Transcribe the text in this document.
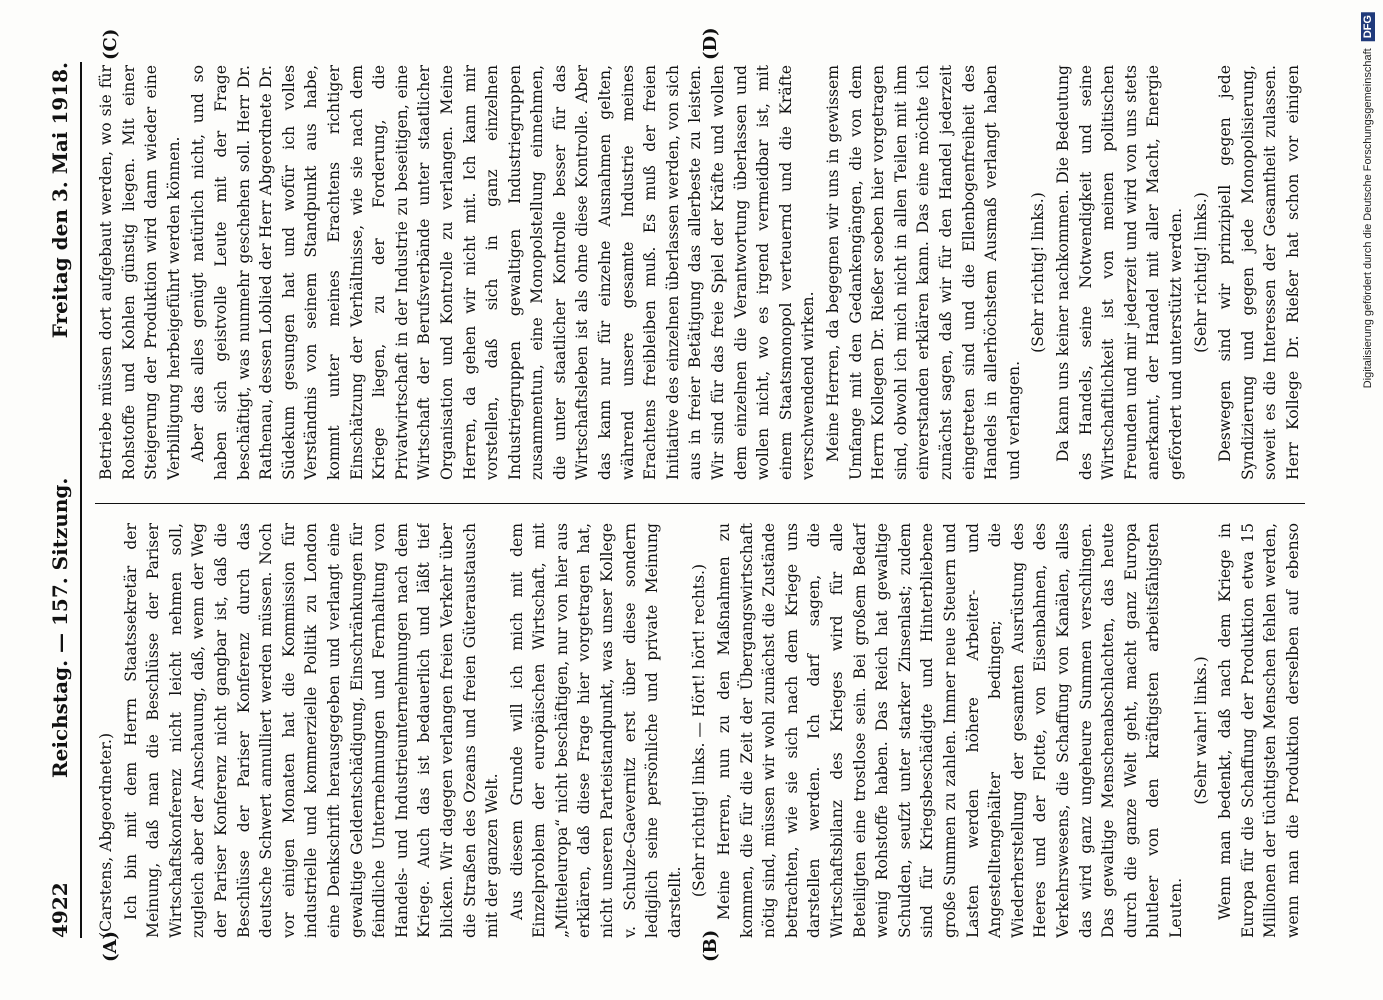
4922
Reichstag. — 157. Sitzung.
Freitag den 3. Mai 1918.
(A)	(B)
(C)	(D)

(Carstens, Abgeordneter.) Ich bin mit dem Herrn Staatssekretär der Meinung, daß man die Beschlüsse der Pariser Wirtschaftskonferenz nicht leicht nehmen soll, zugleich aber der Anschauung, daß, wenn der Weg der Pariser Konferenz nicht gangbar ist, daß die Beschlüsse der Pariser Konferenz durch das deutsche Schwert annulliert werden müssen. Noch vor einigen Monaten hat die Kommission für industrielle und kommerzielle Politik zu London eine Denkschrift herausgegeben und verlangt eine gewaltige Geldentschädigung, Einschränkungen für feindliche Unternehmungen und Fernhaltung von Handels- und Industrieunternehmungen nach dem Kriege. Auch das ist bedauerlich und läßt tief blicken. Wir dagegen verlangen freien Verkehr über die Straßen des Ozeans und freien Güteraustausch mit der ganzen Welt. Aus diesem Grunde will ich mich mit dem Einzelproblem der europäischen Wirtschaft, mit „Mitteleuropa“ nicht beschäftigen, nur von hier aus erklären, daß diese Frage hier vorgetragen hat, nicht unseren Parteistandpunkt, was unser Kollege v. Schulze-Gaevernitz erst über diese sondern lediglich seine persönliche und private Meinung darstellt.

(Sehr richtig! links. — Hört! hört! rechts.) Meine Herren, nun zu den Maßnahmen zu kommen, die für die Zeit der Übergangswirtschaft nötig sind, müssen wir wohl zunächst die Zustände betrachten, wie sie sich nach dem Kriege uns darstellen werden. Ich darf sagen, die Wirtschaftsbilanz des Krieges wird für alle Beteiligten eine trostlose sein. Bei großem Bedarf wenig Rohstoffe haben. Das Reich hat gewaltige Schulden, seufzt unter starker Zinsenlast; zudem sind für Kriegsbeschädigte und Hinterbliebene große Summen zu zahlen. Immer neue Steuern und Lasten werden höhere Arbeiter- und Angestelltengehälter bedingen; die Wiederherstellung der gesamten Ausrüstung des Heeres und der Flotte, von Eisenbahnen, des Verkehrswesens, die Schaffung von Kanälen, alles das wird ganz ungeheure Summen verschlingen. Das gewaltige Menschenabschlachten, das heute durch die ganze Welt geht, macht ganz Europa blutleer von den kräftigsten arbeitsfähigsten Leuten.

(Sehr wahr! links.)

Wenn man bedenkt, daß nach dem Kriege in Europa für die Schaffung der Produktion etwa 15 Millionen der tüchtigsten Menschen fehlen werden, wenn man die Produktion derselben auf ebenso

Betriebe müssen dort aufgebaut werden, wo sie für Rohstoffe und Kohlen günstig liegen. Mit einer Steigerung der Produktion wird dann wieder eine Verbilligung herbeigeführt werden können. Aber das alles genügt natürlich nicht, und so haben sich geistvolle Leute mit der Frage beschäftigt, was nunmehr geschehen soll. Herr Dr. Rathenau, dessen Loblied der Herr Abgeordnete Dr. Südekum gesungen hat und wofür ich volles Verständnis von seinem Standpunkt aus habe, kommt unter meines Erachtens richtiger Einschätzung der Verhältnisse, wie sie nach dem Kriege liegen, zu der Forderung, die Privatwirtschaft in der Industrie zu beseitigen, eine Wirtschaft der Berufsverbände unter staatlicher Organisation und Kontrolle zu verlangen. Meine Herren, da gehen wir nicht mit. Ich kann mir vorstellen, daß sich in ganz einzelnen Industriegruppen gewaltigen Industriegruppen zusammentun, eine Monopolstellung einnehmen, die unter staatlicher Kontrolle besser für das Wirtschaftsleben ist als ohne diese Kontrolle. Aber das kann nur für einzelne Ausnahmen gelten, während unsere gesamte Industrie meines Erachtens freibleiben muß. Es muß der freien Initiative des einzelnen überlassen werden, von sich aus in freier Betätigung das allerbeste zu leisten. Wir sind für das freie Spiel der Kräfte und wollen dem einzelnen die Verantwortung überlassen und wollen nicht, wo es irgend vermeidbar ist, mit einem Staatsmonopol verteuernd und die Kräfte verschwendend wirken. Meine Herren, da begegnen wir uns in gewissem Umfange mit den Gedankengängen, die von dem Herrn Kollegen Dr. Rießer soeben hier vorgetragen sind, obwohl ich mich nicht in allen Teilen mit ihm einverstanden erklären kann. Das eine möchte ich zunächst sagen, daß wir für den Handel jederzeit eingetreten sind und die Ellenbogenfreiheit des Handels in allerhöchstem Ausmaß verlangt haben und verlangen.

(Sehr richtig! links.) Da kann uns keiner nachkommen. Die Bedeutung des Handels, seine Notwendigkeit und seine Wirtschaftlichkeit ist von meinen politischen Freunden und mir jederzeit und wird von uns stets anerkannt, der Handel mit aller Macht, Energie gefördert und unterstützt werden. (Sehr richtig! links.)

Deswegen sind wir prinzipiell gegen jede Syndizierung und gegen jede Monopolisierung, soweit es die Interessen der Gesamtheit zulassen. Herr Kollege Dr. Rießer hat schon vor einigen	Digitalisierung gefördert durch die Deutsche Forschungsgemeinschaft DFG
